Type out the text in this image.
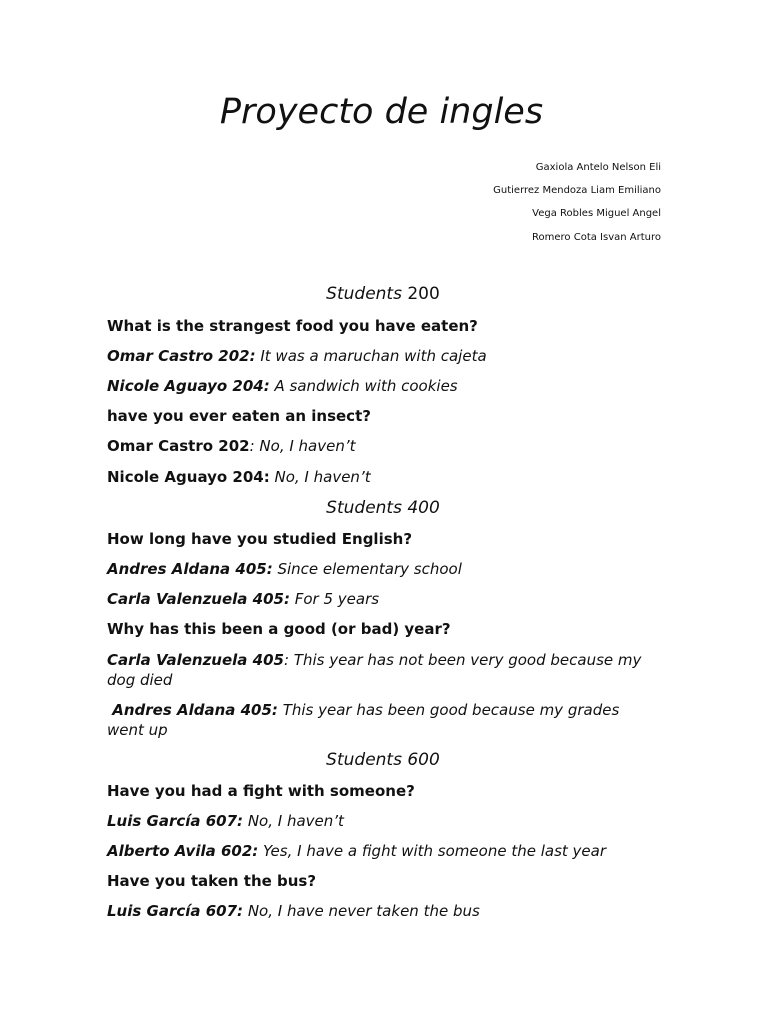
Proyecto de ingles
Gaxiola Antelo Nelson Eli
Gutierrez Mendoza Liam Emiliano
Vega Robles Miguel Angel
Romero Cota Isvan Arturo
Students 200
What is the strangest food you have eaten?
Omar Castro 202: It was a maruchan with cajeta
Nicole Aguayo 204: A sandwich with cookies
have you ever eaten an insect?
Omar Castro 202: No, I haven’t
Nicole Aguayo 204: No, I haven’t
Students 400
How long have you studied English?
Andres Aldana 405: Since elementary school
Carla Valenzuela 405: For 5 years
Why has this been a good (or bad) year?
Carla Valenzuela 405: This year has not been very good because my dog died
Andres Aldana 405: This year has been good because my grades went up
Students 600
Have you had a fight with someone?
Luis García 607: No, I haven’t
Alberto Avila 602: Yes, I have a fight with someone the last year
Have you taken the bus?
Luis García 607: No, I have never taken the bus
